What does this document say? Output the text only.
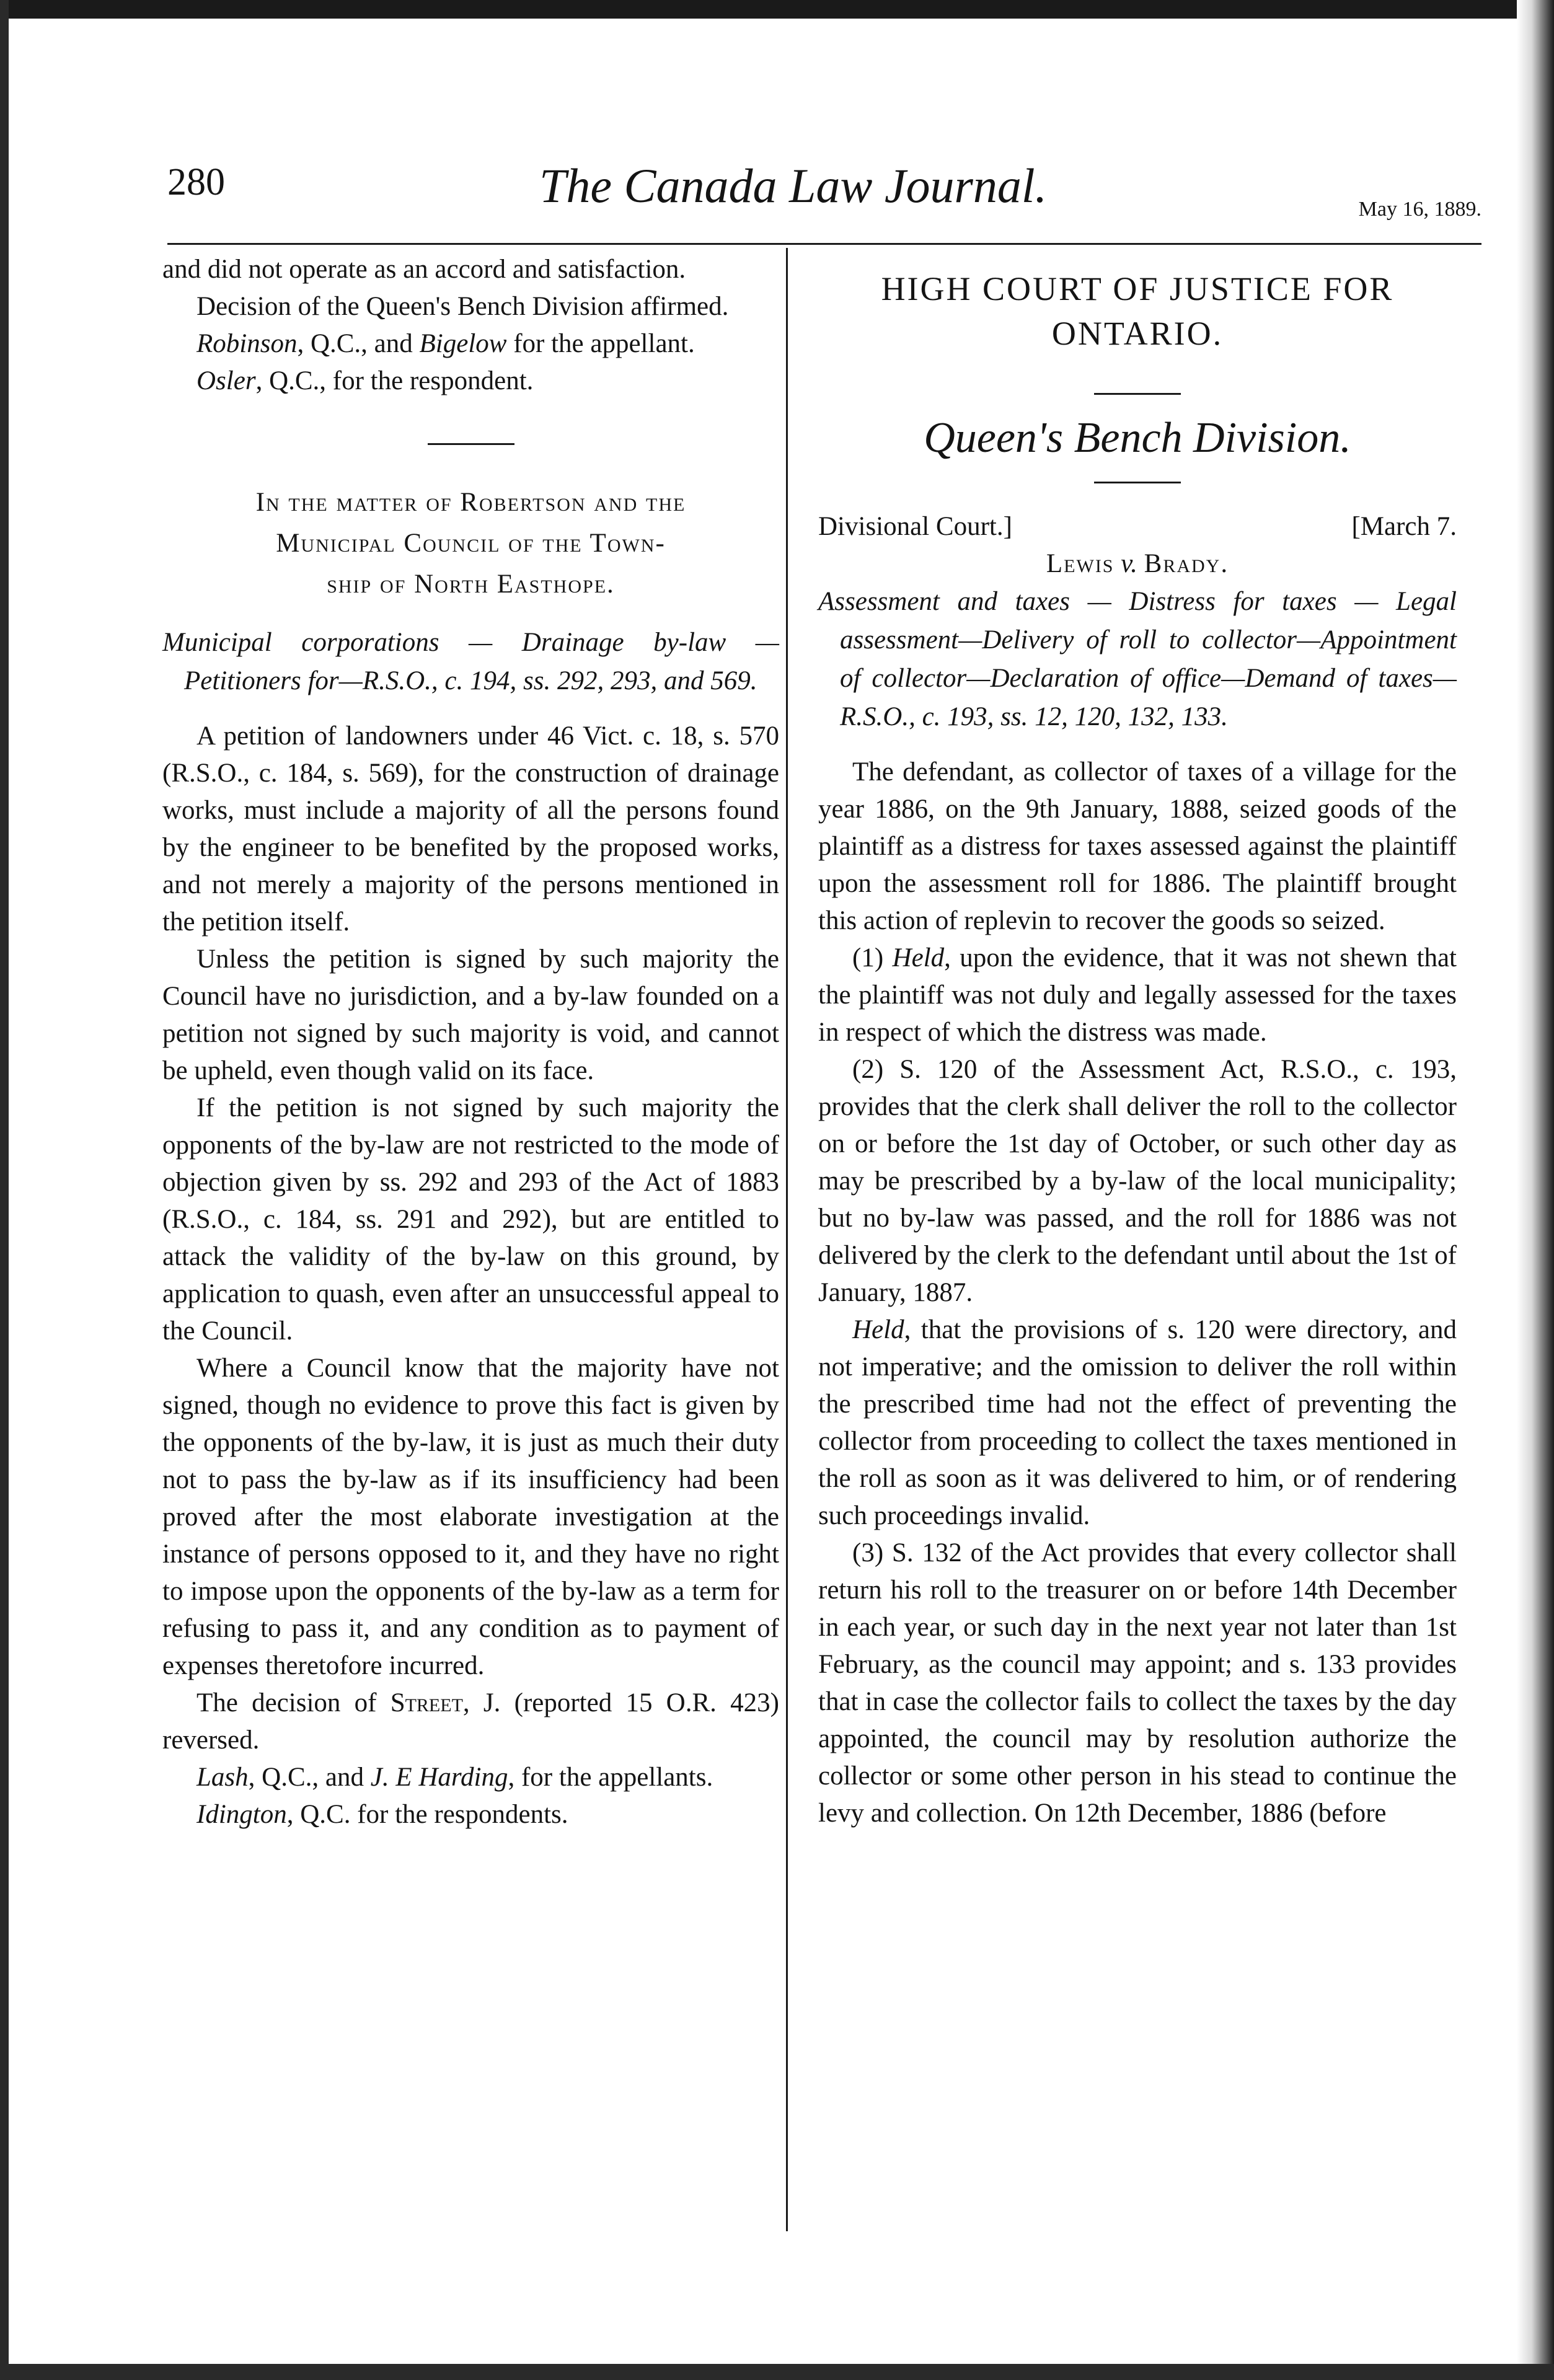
280	The Canada Law Journal.	May 16, 1889.

and did not operate as an accord and satisfaction.

Decision of the Queen's Bench Division affirmed.

Robinson, Q.C., and Bigelow for the appellant.

Osler, Q.C., for the respondent.

In the matter of Robertson and the
Municipal Council of the Town-
ship of North Easthope.

Municipal corporations — Drainage by-law — Petitioners for—R.S.O., c. 194, ss. 292, 293, and 569.

A petition of landowners under 46 Vict. c. 18, s. 570 (R.S.O., c. 184, s. 569), for the construction of drainage works, must include a majority of all the persons found by the engineer to be benefited by the proposed works, and not merely a majority of the persons mentioned in the petition itself.

Unless the petition is signed by such majority the Council have no jurisdiction, and a by-law founded on a petition not signed by such majority is void, and cannot be upheld, even though valid on its face.

If the petition is not signed by such majority the opponents of the by-law are not restricted to the mode of objection given by ss. 292 and 293 of the Act of 1883 (R.S.O., c. 184, ss. 291 and 292), but are entitled to attack the validity of the by-law on this ground, by application to quash, even after an unsuccessful appeal to the Council.

Where a Council know that the majority have not signed, though no evidence to prove this fact is given by the opponents of the by-law, it is just as much their duty not to pass the by-law as if its insufficiency had been proved after the most elaborate investigation at the instance of persons opposed to it, and they have no right to impose upon the opponents of the by-law as a term for refusing to pass it, and any condition as to payment of expenses theretofore incurred.

The decision of Street, J. (reported 15 O.R. 423) reversed.

Lash, Q.C., and J. E Harding, for the appellants.

Idington, Q.C. for the respondents.

HIGH COURT OF JUSTICE FOR
ONTARIO.
Queen's Bench Division.
Divisional Court.]	[March 7.
Lewis v. Brady.

Assessment and taxes — Distress for taxes — Legal assessment—Delivery of roll to collector—Appointment of collector—Declaration of office—Demand of taxes—R.S.O., c. 193, ss. 12, 120, 132, 133.

The defendant, as collector of taxes of a village for the year 1886, on the 9th January, 1888, seized goods of the plaintiff as a distress for taxes assessed against the plaintiff upon the assessment roll for 1886. The plaintiff brought this action of replevin to recover the goods so seized.

(1) Held, upon the evidence, that it was not shewn that the plaintiff was not duly and legally assessed for the taxes in respect of which the distress was made.

(2) S. 120 of the Assessment Act, R.S.O., c. 193, provides that the clerk shall deliver the roll to the collector on or before the 1st day of October, or such other day as may be prescribed by a by-law of the local municipality; but no by-law was passed, and the roll for 1886 was not delivered by the clerk to the defendant until about the 1st of January, 1887.

Held, that the provisions of s. 120 were directory, and not imperative; and the omission to deliver the roll within the prescribed time had not the effect of preventing the collector from proceeding to collect the taxes mentioned in the roll as soon as it was delivered to him, or of rendering such proceedings invalid.

(3) S. 132 of the Act provides that every collector shall return his roll to the treasurer on or before 14th December in each year, or such day in the next year not later than 1st February, as the council may appoint; and s. 133 provides that in case the collector fails to collect the taxes by the day appointed, the council may by resolution authorize the collector or some other person in his stead to continue the levy and collection. On 12th December, 1886 (before
